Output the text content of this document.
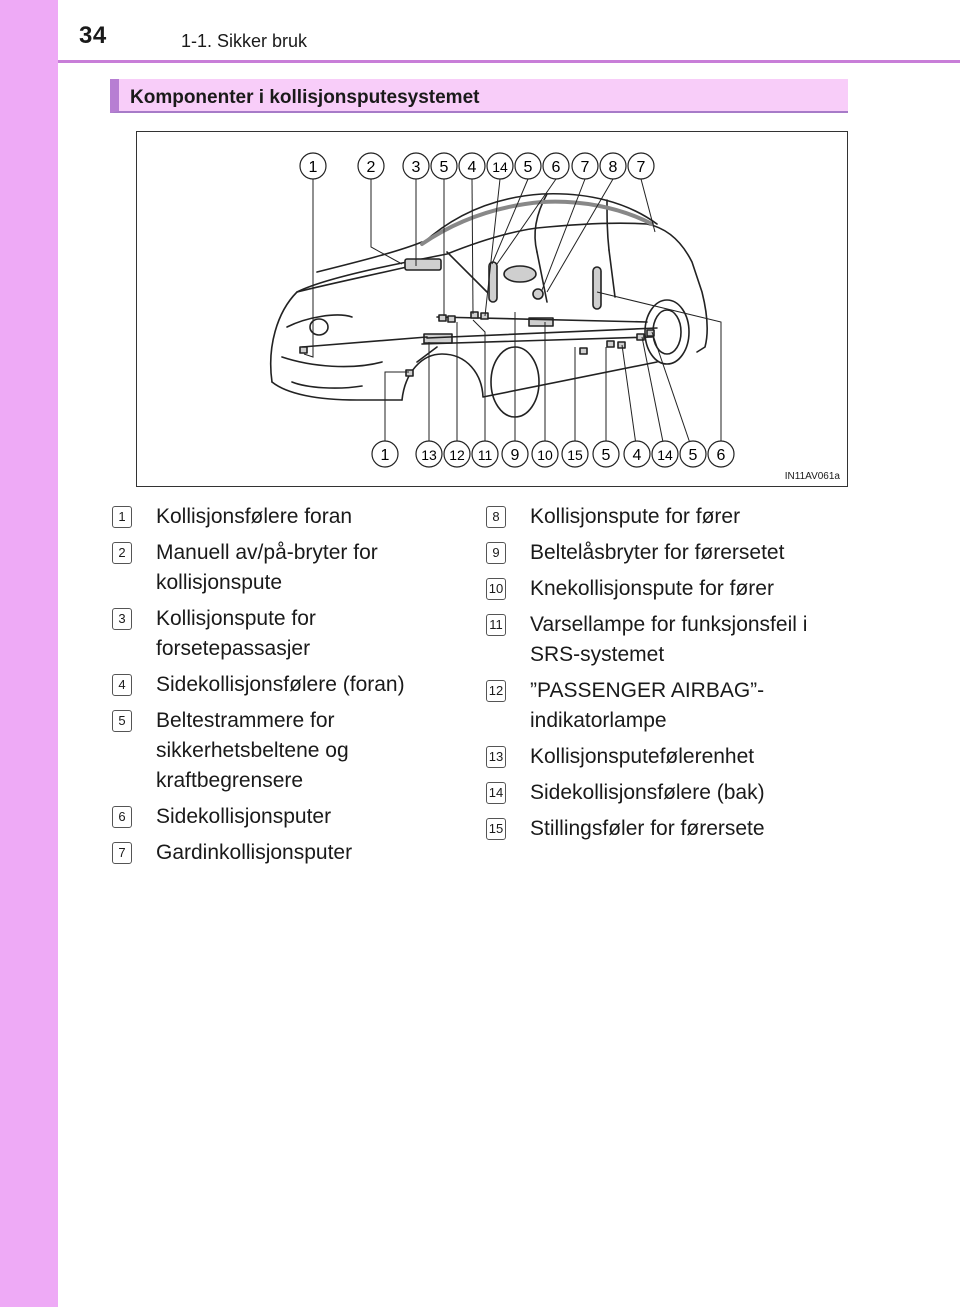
34	1-1. Sikker bruk
Komponenter i kollisjonsputesystemet
1	2 3 5 4 14 5 6 7 8 7
1 13 12 11 9 10 15 5 4 14 5 6
IN11AV061a
1	Kollisjonsfølere foran
2	Manuell av/på-bryter for kollisjonspute
3	Kollisjonspute for forsetepassasjer
4	Sidekollisjonsfølere (foran)
5	Beltestrammere for sikkerhetsbeltene og kraftbegrensere
6	Sidekollisjonsputer
7	Gardinkollisjonsputer
8	Kollisjonspute for fører
9	Beltelåsbryter for førersetet
10 Knekollisjonspute for fører
11 Varsellampe for funksjonsfeil i SRS-systemet
12 ”PASSENGER AIRBAG”-indikatorlampe
13 Kollisjonsputefølerenhet
14 Sidekollisjonsfølere (bak)
15 Stillingsføler for førersete
